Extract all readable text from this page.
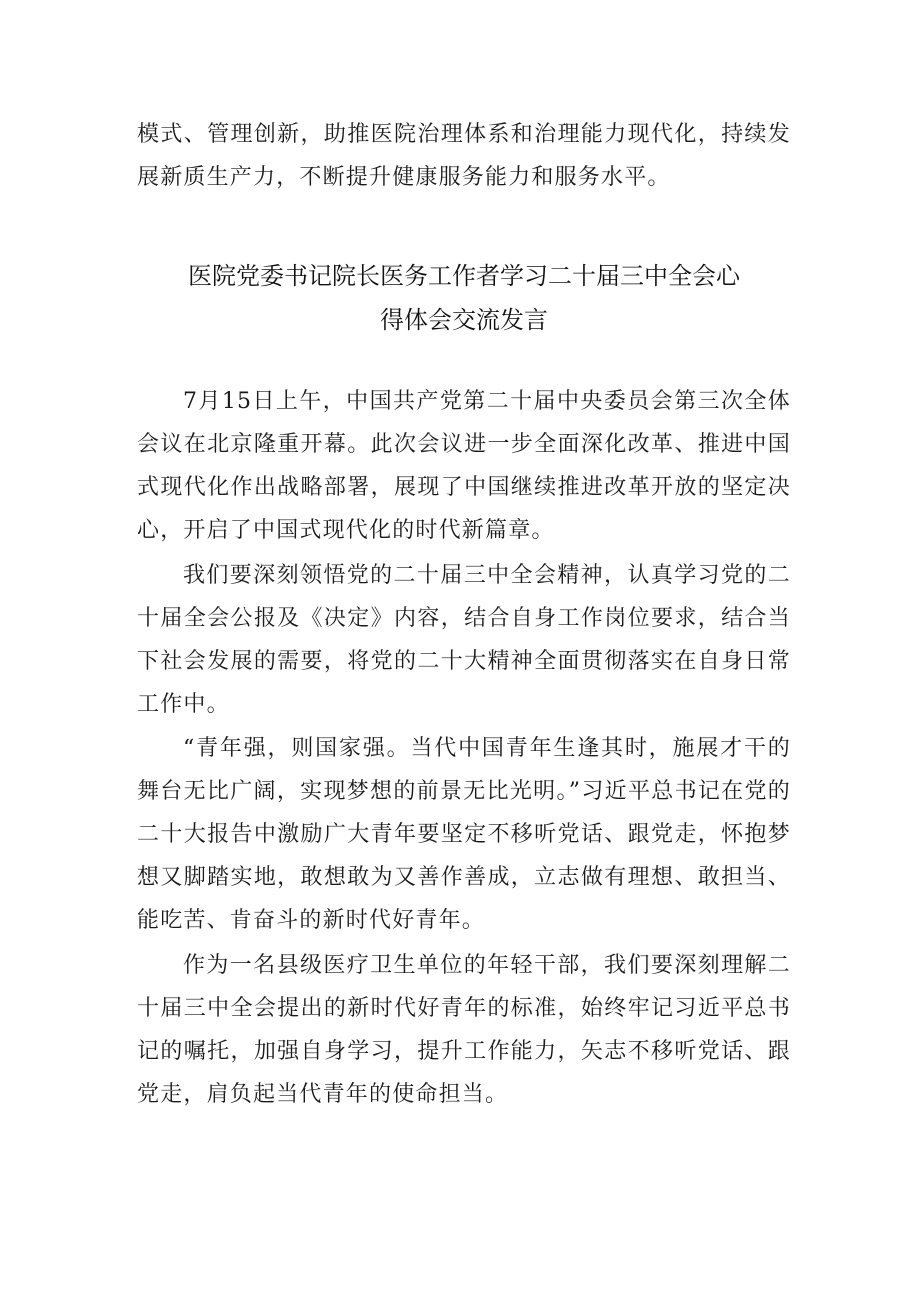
模式、管理创新，助推医院治理体系和治理能力现代化，持续发展新质生产力，不断提升健康服务能力和服务水平。

医院党委书记院长医务工作者学习二十届三中全会心
得体会交流发言

7月15日上午，中国共产党第二十届中央委员会第三次全体会议在北京隆重开幕。此次会议进一步全面深化改革、推进中国式现代化作出战略部署，展现了中国继续推进改革开放的坚定决心，开启了中国式现代化的时代新篇章。

我们要深刻领悟党的二十届三中全会精神，认真学习党的二十届全会公报及《决定》内容，结合自身工作岗位要求，结合当下社会发展的需要，将党的二十大精神全面贯彻落实在自身日常工作中。

“青年强，则国家强。当代中国青年生逢其时，施展才干的舞台无比广阔，实现梦想的前景无比光明。”习近平总书记在党的二十大报告中激励广大青年要坚定不移听党话、跟党走，怀抱梦想又脚踏实地，敢想敢为又善作善成，立志做有理想、敢担当、能吃苦、肯奋斗的新时代好青年。

作为一名县级医疗卫生单位的年轻干部，我们要深刻理解二十届三中全会提出的新时代好青年的标准，始终牢记习近平总书记的嘱托，加强自身学习，提升工作能力，矢志不移听党话、跟党走，肩负起当代青年的使命担当。
